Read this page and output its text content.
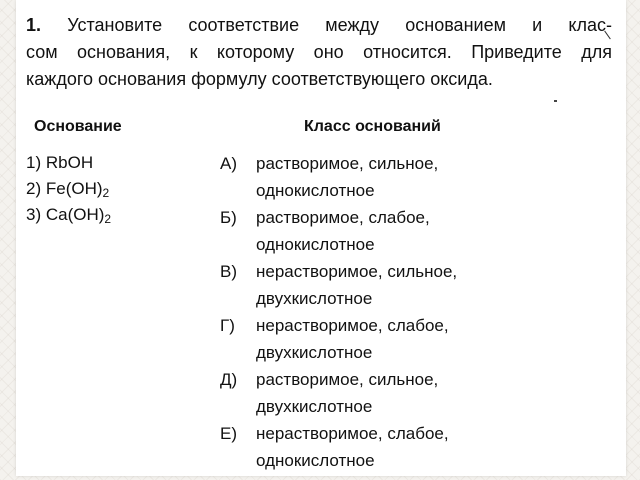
1. Установите соответствие между основанием и клас-
сом основания, к которому оно относится. Приведите для
каждого основания формулу соответствующего оксида.
Основание	Класс оснований
1) RbOH
2) $Fe(OH)_2$
3) $Ca(OH)_2$
А) растворимое, сильное,
однокислотное
Б) растворимое, слабое,
однокислотное
В) нерастворимое, сильное,
двухкислотное
Г) нерастворимое, слабое,
двухкислотное
Д) растворимое, сильное,
двухкислотное
Е) нерастворимое, слабое,
однокислотное
